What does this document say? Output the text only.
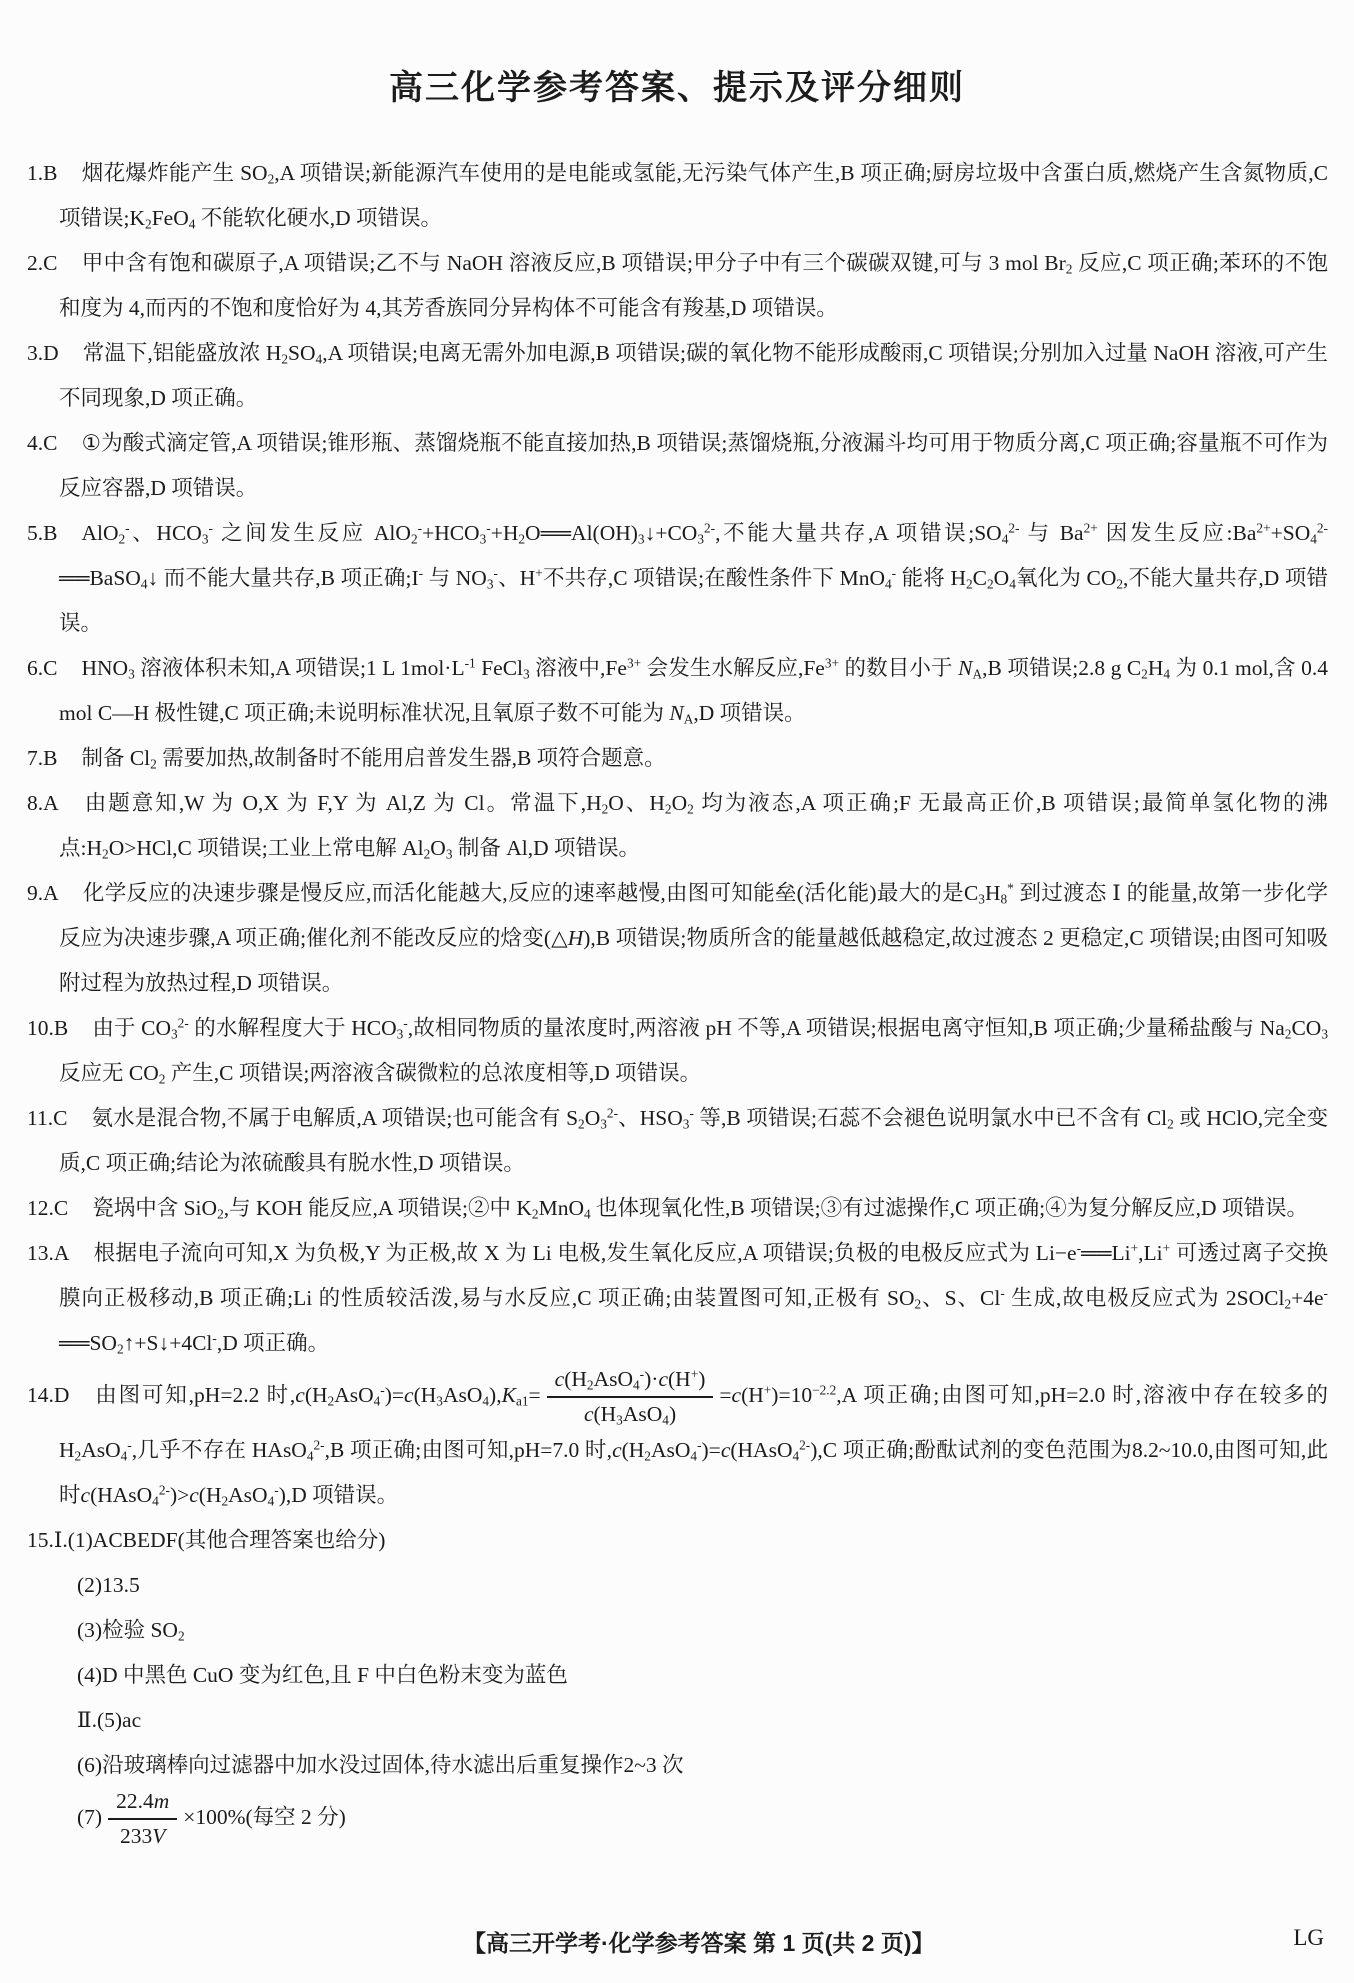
高三化学参考答案、提示及评分细则

1.B 烟花爆炸能产生 $SO_2,A$ 项错误;新能源汽车使用的是电能或氢能,无污染气体产生,B 项正确;厨房垃圾中含蛋白质,燃烧产生含氮物质,C 项错误$;K_2FeO_4$ 不能软化硬水,D 项错误。

2.C 甲中含有饱和碳原子,A 项错误;乙不与 NaOH 溶液反应,B 项错误;甲分子中有三个碳碳双键,可与 3 mol $Br_2$ 反应,C 项正确;苯环的不饱和度为 4,而丙的不饱和度恰好为 4,其芳香族同分异构体不可能含有羧基,D 项错误。

3.D 常温下,铝能盛放浓 $H_2SO_4,A$ 项错误;电离无需外加电源,B 项错误;碳的氧化物不能形成酸雨,C 项错误;分别加入过量 NaOH 溶液,可产生不同现象,D 项正确。

4.C ①为酸式滴定管,A 项错误;锥形瓶、蒸馏烧瓶不能直接加热,B 项错误;蒸馏烧瓶,分液漏斗均可用于物质分离,C 项正确;容量瓶不可作为反应容器,D 项错误。

5.B AlO$_2$-、$HCO_3^-$ 之间发生反应 $AlO_2^-+HCO_3^-+H_2O══Al(OH)_3↓+CO_3^{2-}$,不能大量共存,A 项错误$;SO_4^{2-}$ 与 $Ba^{2+}$ 因发生反应$:Ba^{2+}+SO_4^{2-}══BaSO_4↓$ 而不能大量共存,B 项正确;I- 与 $NO_3^-$、H+不共存,C 项错误;在酸性条件下 MnO$_4$- 能将 $H_2C_2O_4$氧化为 $CO_2$,不能大量共存,D 项错误。

6.C $HNO_3$ 溶液体积未知,A 项错误;1 L $1mol\cdot L^{-1}$ FeCl$_3$ 溶液中$,Fe^{3+}$ 会发生水解反应$,Fe^{3+}$ 的数目小于 $N_A,B$ 项错误;2.8 g $C_2H_4$ 为 0.1 mol,含 0.4 mol C—H 极性键,C 项正确;未说明标准状况,且氧原子数不可能为 $N_A,D$ 项错误。

7.B 制备 $Cl_2$ 需要加热,故制备时不能用启普发生器,B 项符合题意。

8.A 由题意知,W 为 O,X 为 F,Y 为 Al,Z 为 Cl。常温下$,H_2O$、$H_2O_2$ 均为液态,A 项正确;F 无最高正价,B 项错误;最简单氢化物的沸点$:H_2O>HCl,C$ 项错误;工业上常电解 $Al_2O_3$ 制备 Al,D 项错误。

9.A 化学反应的决速步骤是慢反应,而活化能越大,反应的速率越慢,由图可知能垒(活化能)最大的是$C_3H_8^*$ 到过渡态 Ⅰ 的能量,故第一步化学反应为决速步骤,A 项正确;催化剂不能改反应的焓变(△H),B 项错误;物质所含的能量越低越稳定,故过渡态 2 更稳定,C 项错误;由图可知吸附过程为放热过程,D 项错误。

10.B 由于 $CO_3^{2-}$ 的水解程度大于 $HCO_3^-$,故相同物质的量浓度时,两溶液 pH 不等,A 项错误;根据电离守恒知,B 项正确;少量稀盐酸与 $Na_2CO_3$ 反应无 $CO_2$ 产生,C 项错误;两溶液含碳微粒的总浓度相等,D 项错误。

11.C 氨水是混合物,不属于电解质,A 项错误;也可能含有 $S_2O_3^{2-}$、$HSO_3^-$ 等,B 项错误;石蕊不会褪色说明氯水中已不含有 $Cl_2$ 或 HClO,完全变质,C 项正确;结论为浓硫酸具有脱水性,D 项错误。

12.C 瓷埚中含 SiO$_2$,与 KOH 能反应,A 项错误;②中 $K_2MnO_4$ 也体现氧化性,B 项错误;③有过滤操作,C 项正确;④为复分解反应,D 项错误。

13.A 根据电子流向可知,X 为负极,Y 为正极,故 X 为 Li 电极,发生氧化反应,A 项错误;负极的电极反应式为 Li−e-══Li+,Li+ 可透过离子交换膜向正极移动,B 项正确;Li 的性质较活泼,易与水反应,C 项正确;由装置图可知,正极有 $SO_2$、S、Cl- 生成,故电极反应式为 $2SOCl_2+4e^-══SO_2↑+S↓+4Cl^-,D$ 项正确。

14.D 由图可知,pH=2.2 时$,c(H_2AsO_4^-)=c(H_3AsO_4),K_{a1}= \frac{c(H_2AsO_4^-)\cdot c(H^+)}{c(H_3AsO_4)} =c(H^+)=10^{-2.2},A$ 项正确;由图可知,pH=2.0 时,溶液中存在较多的 $H_2AsO_4^-$,几乎不存在 HAsO$_4^{2-}$,B 项正确;由图可知,pH=7.0 时$,c(H_2AsO_4^-)=c(HAsO_4^{2-}),C$ 项正确;酚酞试剂的变色范围为8.2~10.0,由图可知,此时$c(HAsO_4^{2-})>c(H_2AsO_4^-),D$ 项错误。

15.Ⅰ.(1)ACBEDF(其他合理答案也给分)

(2)13.5

(3)检验 $SO_2$

(4)D 中黑色 CuO 变为红色,且 F 中白色粉末变为蓝色

Ⅱ.(5)ac

(6)沿玻璃棒向过滤器中加水没过固体,待水滤出后重复操作2~3 次

$(7) \frac{22.4m}{233V} \times 100\%$(每空 2 分)

【高三开学考·化学参考答案 第 1 页(共 2 页)】	LG
